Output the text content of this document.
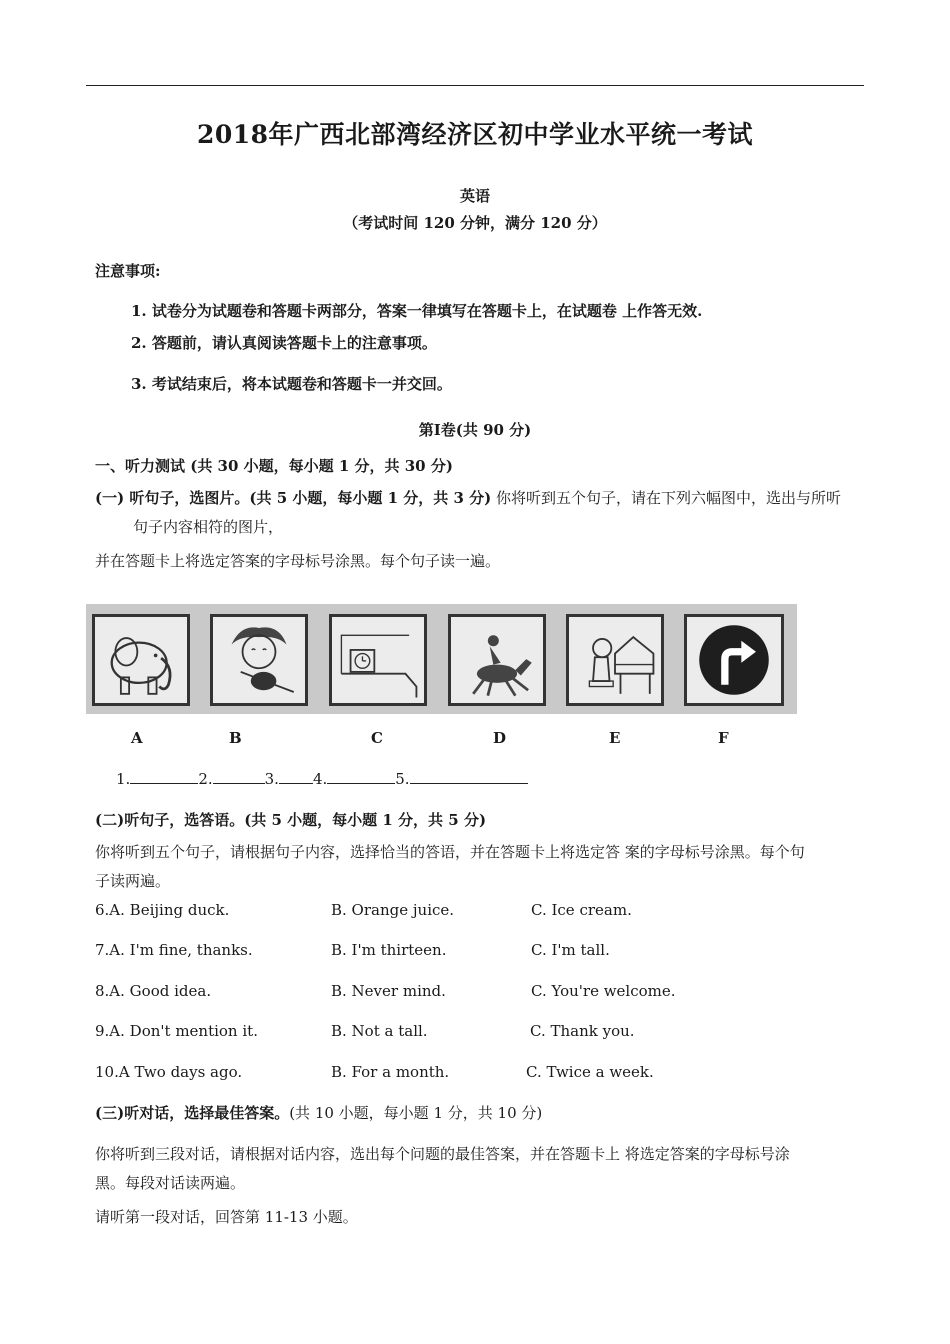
2018年广西北部湾经济区初中学业水平统一考试
英语
（考试时间 120 分钟，满分 120 分）
注意事项:
1. 试卷分为试题卷和答题卡两部分，答案一律填写在答题卡上，在试题卷 上作答无效.
2. 答题前，请认真阅读答题卡上的注意事项。
3. 考试结束后，将本试题卷和答题卡一并交回。
第Ⅰ卷(共 90 分)
一、听力测试 (共 30 小题，每小题 1 分，共 30 分)
(一) 听句子，选图片。(共 5 小题，每小题 1 分，共 3 分) 你将听到五个句子，请在下列六幅图中，选出与所听
句子内容相符的图片，
并在答题卡上将选定答案的字母标号涂黑。每个句子读一遍。
A	B	C	D	E	F
1.	2.	3. 4.	5.
(二)听句子，选答语。(共 5 小题，每小题 1 分，共 5 分)
你将听到五个句子，请根据句子内容，选择恰当的答语，并在答题卡上将选定答 案的字母标号涂黑。每个句
子读两遍。
6.A. Beijing duck.	B. Orange juice.	C. Ice cream.
7.A. I'm fine, thanks.	B. I'm thirteen.	C. I'm tall.
8.A. Good idea.	B. Never mind.	C. You're welcome.
9.A. Don't mention it.	B. Not a tall.	C. Thank you.
10.A Two days ago.	B. For a month.	C. Twice a week.
(三)听对话，选择最佳答案。(共 10 小题，每小题 1 分，共 10 分)
你将听到三段对话，请根据对话内容，选出每个问题的最佳答案，并在答题卡上 将选定答案的字母标号涂
黑。每段对话读两遍。
请听第一段对话，回答第 11-13 小题。
